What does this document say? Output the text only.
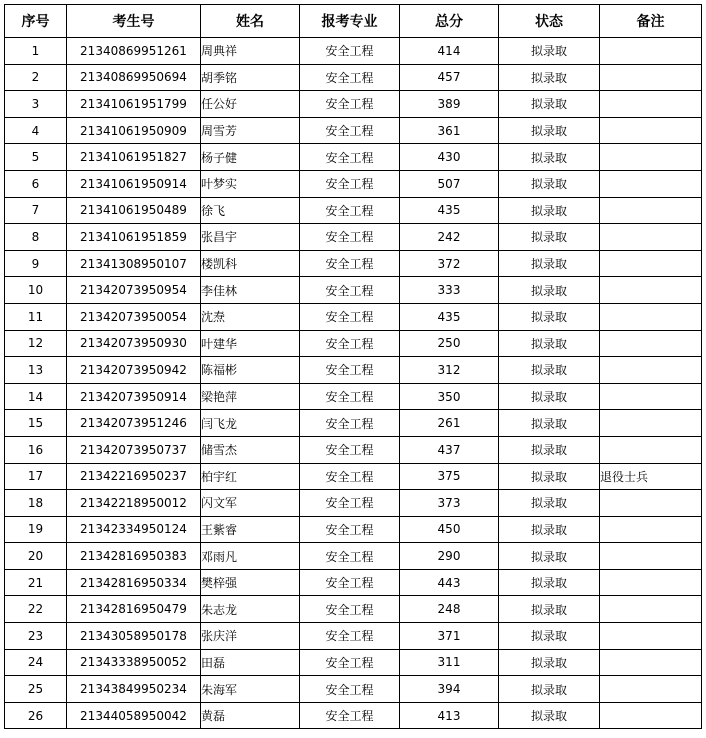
序号	考生号	姓名	报考专业	总分	状态	备注
1	21340869951261	周典祥	安全工程	414	拟录取	
2	21340869950694	胡季铭	安全工程	457	拟录取	
3	21341061951799	任公好	安全工程	389	拟录取	
4	21341061950909	周雪芳	安全工程	361	拟录取	
5	21341061951827	杨子健	安全工程	430	拟录取	
6	21341061950914	叶梦实	安全工程	507	拟录取	
7	21341061950489	徐飞	安全工程	435	拟录取	
8	21341061951859	张昌宇	安全工程	242	拟录取	
9	21341308950107	楼凯科	安全工程	372	拟录取	
10	21342073950954	李佳林	安全工程	333	拟录取	
11	21342073950054	沈焘	安全工程	435	拟录取	
12	21342073950930	叶建华	安全工程	250	拟录取	
13	21342073950942	陈福彬	安全工程	312	拟录取	
14	21342073950914	梁艳萍	安全工程	350	拟录取	
15	21342073951246	闫飞龙	安全工程	261	拟录取	
16	21342073950737	储雪杰	安全工程	437	拟录取	
17	21342216950237	柏宇红	安全工程	375	拟录取	退役士兵
18	21342218950012	闪文军	安全工程	373	拟录取	
19	21342334950124	王紫睿	安全工程	450	拟录取	
20	21342816950383	邓雨凡	安全工程	290	拟录取	
21	21342816950334	樊梓强	安全工程	443	拟录取	
22	21342816950479	朱志龙	安全工程	248	拟录取	
23	21343058950178	张庆洋	安全工程	371	拟录取	
24	21343338950052	田磊	安全工程	311	拟录取	
25	21343849950234	朱海军	安全工程	394	拟录取	
26	21344058950042	黄磊	安全工程	413	拟录取	
